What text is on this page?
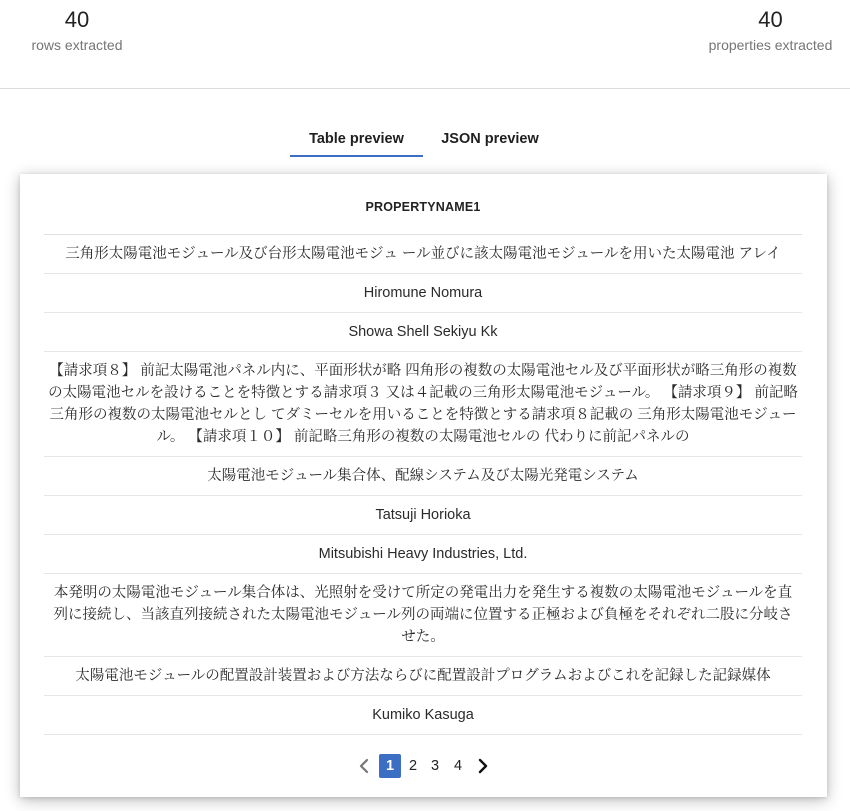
40
rows extracted
40
properties extracted
Table preview	JSON preview
PROPERTYNAME1
三角形太陽電池モジュール及び台形太陽電池モジュ ール並びに該太陽電池モジュールを用いた太陽電池 アレイ
Hiromune Nomura
Showa Shell Sekiyu Kk
【請求項８】 前記太陽電池パネル内に、平面形状が略 四角形の複数の太陽電池セル及び平面形状が略三角形の複数の太陽電池セルを設けることを特徴とする請求項３ 又は４記載の三角形太陽電池モジュール。 【請求項９】 前記略三角形の複数の太陽電池セルとし てダミーセルを用いることを特徴とする請求項８記載の 三角形太陽電池モジュール。 【請求項１０】 前記略三角形の複数の太陽電池セルの 代わりに前記パネルの
太陽電池モジュール集合体、配線システム及び太陽光発電システム
Tatsuji Horioka
Mitsubishi Heavy Industries, Ltd.
本発明の太陽電池モジュール集合体は、光照射を受けて所定の発電出力を発生する複数の太陽電池モジュールを直列に接続し、当該直列接続された太陽電池モジュール列の両端に位置する正極および負極をそれぞれ二股に分岐させた。
太陽電池モジュールの配置設計装置および方法ならびに配置設計プログラムおよびこれを記録した記録媒体
Kumiko Kasuga
1	2 3 4
